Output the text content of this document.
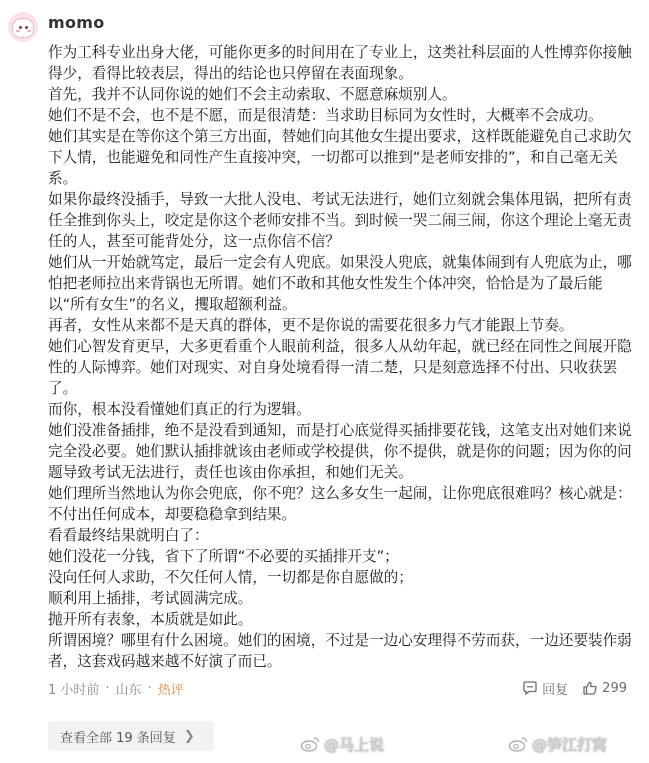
momo

作为工科专业出身大佬，可能你更多的时间用在了专业上，这类社科层面的人性博弈你接触得少，看得比较表层，得出的结论也只停留在表面现象。

首先，我并不认同你说的她们不会主动索取、不愿意麻烦别人。

她们不是不会，也不是不愿，而是很清楚：当求助目标同为女性时，大概率不会成功。

她们其实是在等你这个第三方出面，替她们向其他女生提出要求，这样既能避免自己求助欠下人情，也能避免和同性产生直接冲突，一切都可以推到“是老师安排的”，和自己毫无关系。

如果你最终没插手，导致一大批人没电、考试无法进行，她们立刻就会集体甩锅，把所有责任全推到你头上，咬定是你这个老师安排不当。到时候一哭二闹三闹，你这个理论上毫无责任的人，甚至可能背处分，这一点你信不信？

她们从一开始就笃定，最后一定会有人兜底。如果没人兜底，就集体闹到有人兜底为止，哪怕把老师拉出来背锅也无所谓。她们不敢和其他女性发生个体冲突，恰恰是为了最后能以“所有女生”的名义，攫取超额利益。

再者，女性从来都不是天真的群体，更不是你说的需要花很多力气才能跟上节奏。

她们心智发育更早，大多更看重个人眼前利益，很多人从幼年起，就已经在同性之间展开隐性的人际博弈。她们对现实、对自身处境看得一清二楚，只是刻意选择不付出、只收获罢了。

而你，根本没看懂她们真正的行为逻辑。

她们没准备插排，绝不是没看到通知，而是打心底觉得买插排要花钱，这笔支出对她们来说完全没必要。她们默认插排就该由老师或学校提供，你不提供，就是你的问题；因为你的问题导致考试无法进行，责任也该由你承担，和她们无关。

她们理所当然地认为你会兜底，你不兜？这么多女生一起闹，让你兜底很难吗？核心就是：不付出任何成本，却要稳稳拿到结果。

看看最终结果就明白了：

她们没花一分钱，省下了所谓“不必要的买插排开支”；

没向任何人求助，不欠任何人情，一切都是你自愿做的；

顺利用上插排，考试圆满完成。

抛开所有表象，本质就是如此。

所谓困境？哪里有什么困境。她们的困境，不过是一边心安理得不劳而获，一边还要装作弱者，这套戏码越来越不好演了而已。

1 小时前 · 山东 · 热评	回复	299
查看全部 19 条回复 ❯	@马上说	@笋江打窝
